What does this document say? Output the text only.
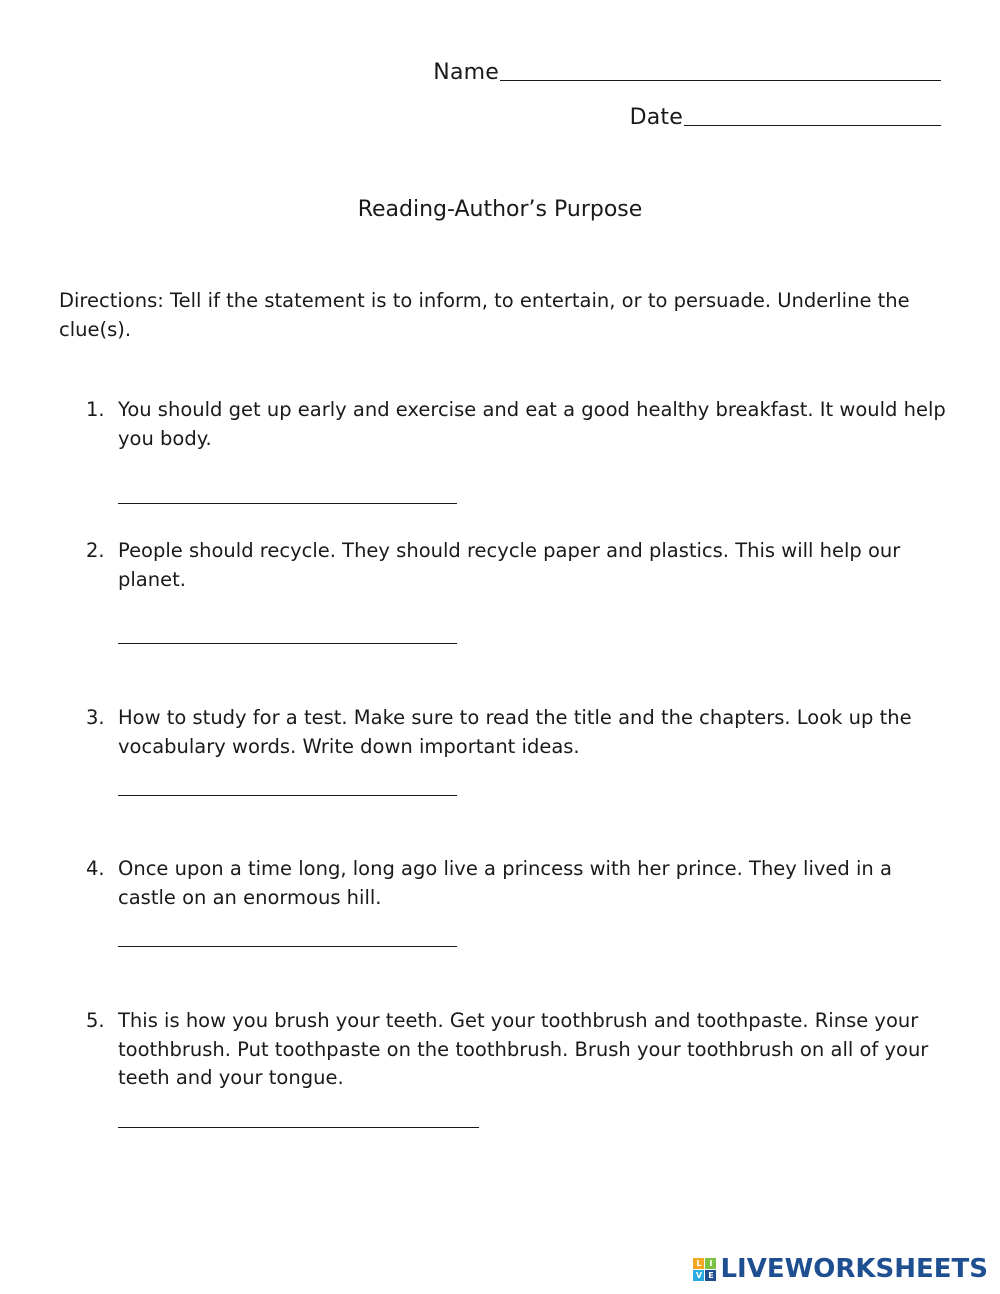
Name
Date
Reading-Author’s Purpose
Directions: Tell if the statement is to inform, to entertain, or to persuade. Underline the clue(s).
1. You should get up early and exercise and eat a good healthy breakfast. It would help you body.
2. People should recycle. They should recycle paper and plastics. This will help our planet.
3. How to study for a test. Make sure to read the title and the chapters. Look up the vocabulary words. Write down important ideas.
4. Once upon a time long, long ago live a princess with her prince. They lived in a castle on an enormous hill.
5. This is how you brush your teeth. Get your toothbrush and toothpaste. Rinse your toothbrush. Put toothpaste on the toothbrush. Brush your toothbrush on all of your teeth and your tongue.
L I
V E LIVEWORKSHEETS
